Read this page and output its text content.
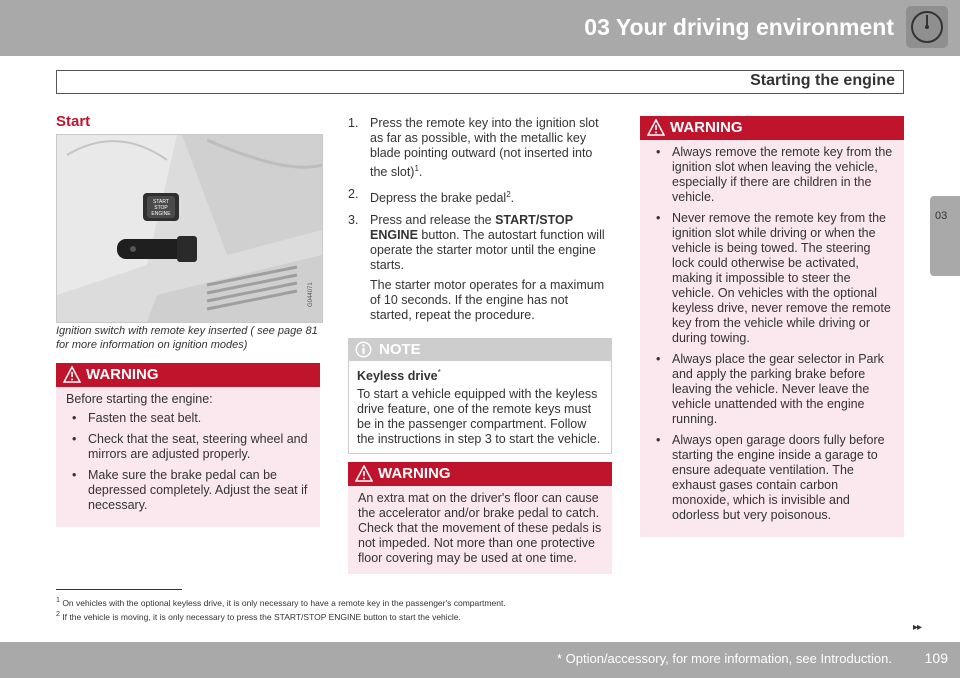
03 Your driving environment
Starting the engine
03
Start
START
STOP
ENGINE
G044071
Ignition switch with remote key inserted ( see page 81 for more information on ignition modes)
WARNING
Before starting the engine:
• Fasten the seat belt.
• Check that the seat, steering wheel and mirrors are adjusted properly.
• Make sure the brake pedal can be depressed completely. Adjust the seat if necessary.
1. Press the remote key into the ignition slot as far as possible, with the metallic key blade pointing outward (not inserted into the slot)$^1$.
2. Depress the brake pedal$^2$.
3. Press and release the START/STOP ENGINE button. The autostart function will operate the starter motor until the engine starts.
The starter motor operates for a maximum of 10 seconds. If the engine has not started, repeat the procedure.
NOTE
Keyless drive*
To start a vehicle equipped with the keyless drive feature, one of the remote keys must be in the passenger compartment. Follow the instructions in step 3 to start the vehicle.
WARNING
An extra mat on the driver's floor can cause the accelerator and/or brake pedal to catch. Check that the movement of these pedals is not impeded. Not more than one protective floor covering may be used at one time.
WARNING
• Always remove the remote key from the ignition slot when leaving the vehicle, especially if there are children in the vehicle.
• Never remove the remote key from the ignition slot while driving or when the vehicle is being towed. The steering lock could otherwise be activated, making it impossible to steer the vehicle. On vehicles with the optional keyless drive, never remove the remote key from the vehicle while driving or during towing.
• Always place the gear selector in Park and apply the parking brake before leaving the vehicle. Never leave the vehicle unattended with the engine running.
• Always open garage doors fully before starting the engine inside a garage to ensure adequate ventilation. The exhaust gases contain carbon monoxide, which is invisible and odorless but very poisonous.
$^1$ On vehicles with the optional keyless drive, it is only necessary to have a remote key in the passenger's compartment.
$^2$ If the vehicle is moving, it is only necessary to press the START/STOP ENGINE button to start the vehicle.
▸▸
* Option/accessory, for more information, see Introduction. 109
